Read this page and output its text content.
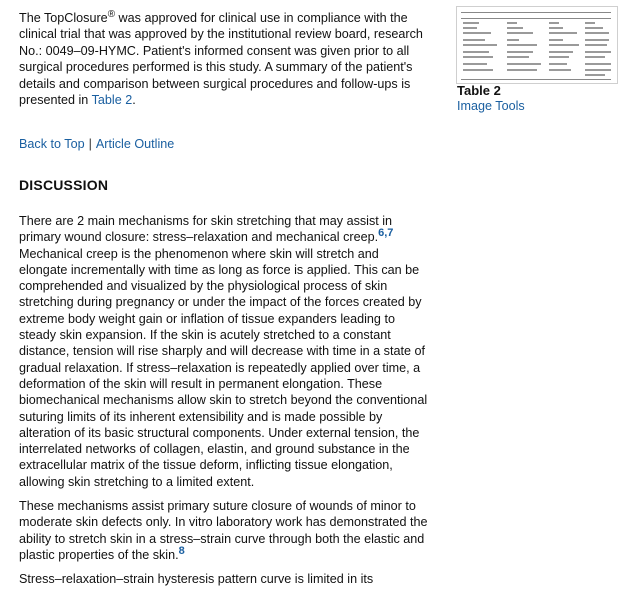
The TopClosure® was approved for clinical use in compliance with the clinical trial that was approved by the institutional review board, research No.: 0049–09-HYMC. Patient's informed consent was given prior to all surgical procedures performed is this study. A summary of the patient's details and comparison between surgical procedures and follow-ups is presented in Table 2.

Back to Top | Article Outline
DISCUSSION

There are 2 main mechanisms for skin stretching that may assist in primary wound closure: stress–relaxation and mechanical creep.6,7 Mechanical creep is the phenomenon where skin will stretch and elongate incrementally with time as long as force is applied. This can be comprehended and visualized by the physiological process of skin stretching during pregnancy or under the impact of the forces created by extreme body weight gain or inflation of tissue expanders leading to steady skin expansion. If the skin is acutely stretched to a constant distance, tension will rise sharply and will decrease with time in a state of gradual relaxation. If stress–relaxation is repeatedly applied over time, a deformation of the skin will result in permanent elongation. These biomechanical mechanisms allow skin to stretch beyond the conventional suturing limits of its inherent extensibility and is made possible by alteration of its basic structural components. Under external tension, the interrelated networks of collagen, elastin, and ground substance in the extracellular matrix of the tissue deform, inflicting tissue elongation, allowing skin stretching to a limited extent.

These mechanisms assist primary suture closure of wounds of minor to moderate skin defects only. In vitro laboratory work has demonstrated the ability to stretch skin in a stress–strain curve through both the elastic and plastic properties of the skin.8

Stress–relaxation–strain hysteresis pattern curve is limited in its

Table 2
Image Tools
